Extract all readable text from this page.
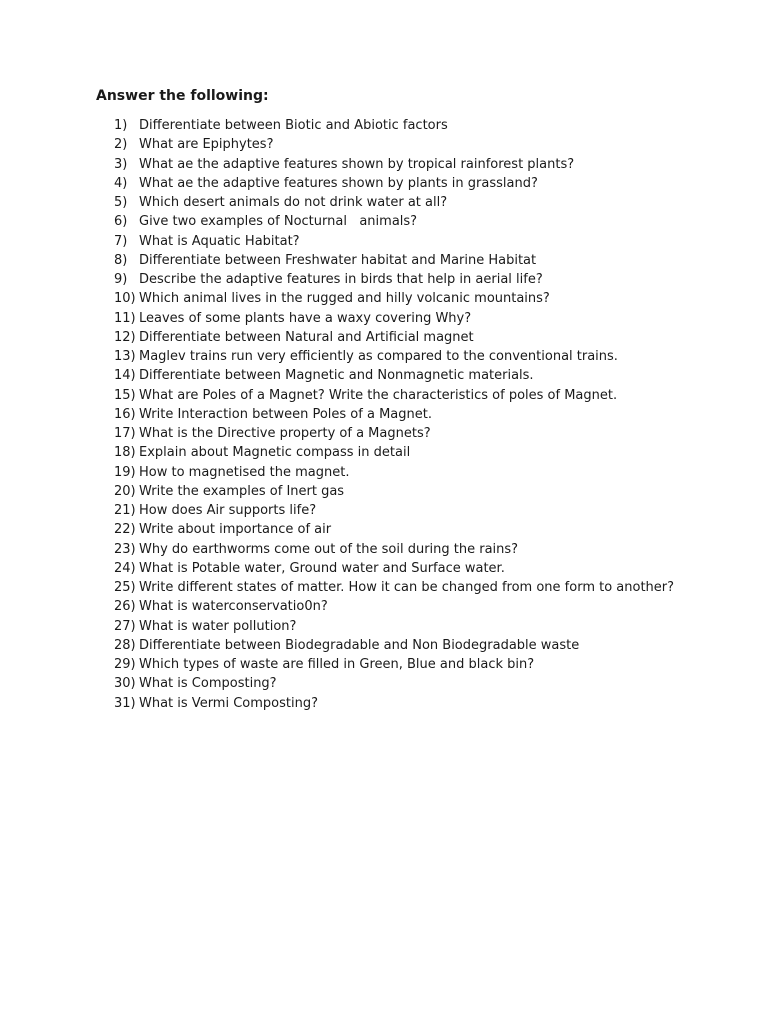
Answer the following:
1) Differentiate between Biotic and Abiotic factors
2) What are Epiphytes?
3) What ae the adaptive features shown by tropical rainforest plants?
4) What ae the adaptive features shown by plants in grassland?
5) Which desert animals do not drink water at all?
6) Give two examples of Nocturnal   animals?
7) What is Aquatic Habitat?
8) Differentiate between Freshwater habitat and Marine Habitat
9) Describe the adaptive features in birds that help in aerial life?
10) Which animal lives in the rugged and hilly volcanic mountains?
11) Leaves of some plants have a waxy covering Why?
12) Differentiate between Natural and Artificial magnet
13) Maglev trains run very efficiently as compared to the conventional trains.
14) Differentiate between Magnetic and Nonmagnetic materials.
15) What are Poles of a Magnet? Write the characteristics of poles of Magnet.
16) Write Interaction between Poles of a Magnet.
17) What is the Directive property of a Magnets?
18) Explain about Magnetic compass in detail
19) How to magnetised the magnet.
20) Write the examples of Inert gas
21) How does Air supports life?
22) Write about importance of air
23) Why do earthworms come out of the soil during the rains?
24) What is Potable water, Ground water and Surface water.
25) Write different states of matter. How it can be changed from one form to another?
26) What is waterconservatio0n?
27) What is water pollution?
28) Differentiate between Biodegradable and Non Biodegradable waste
29) Which types of waste are filled in Green, Blue and black bin?
30) What is Composting?
31) What is Vermi Composting?
